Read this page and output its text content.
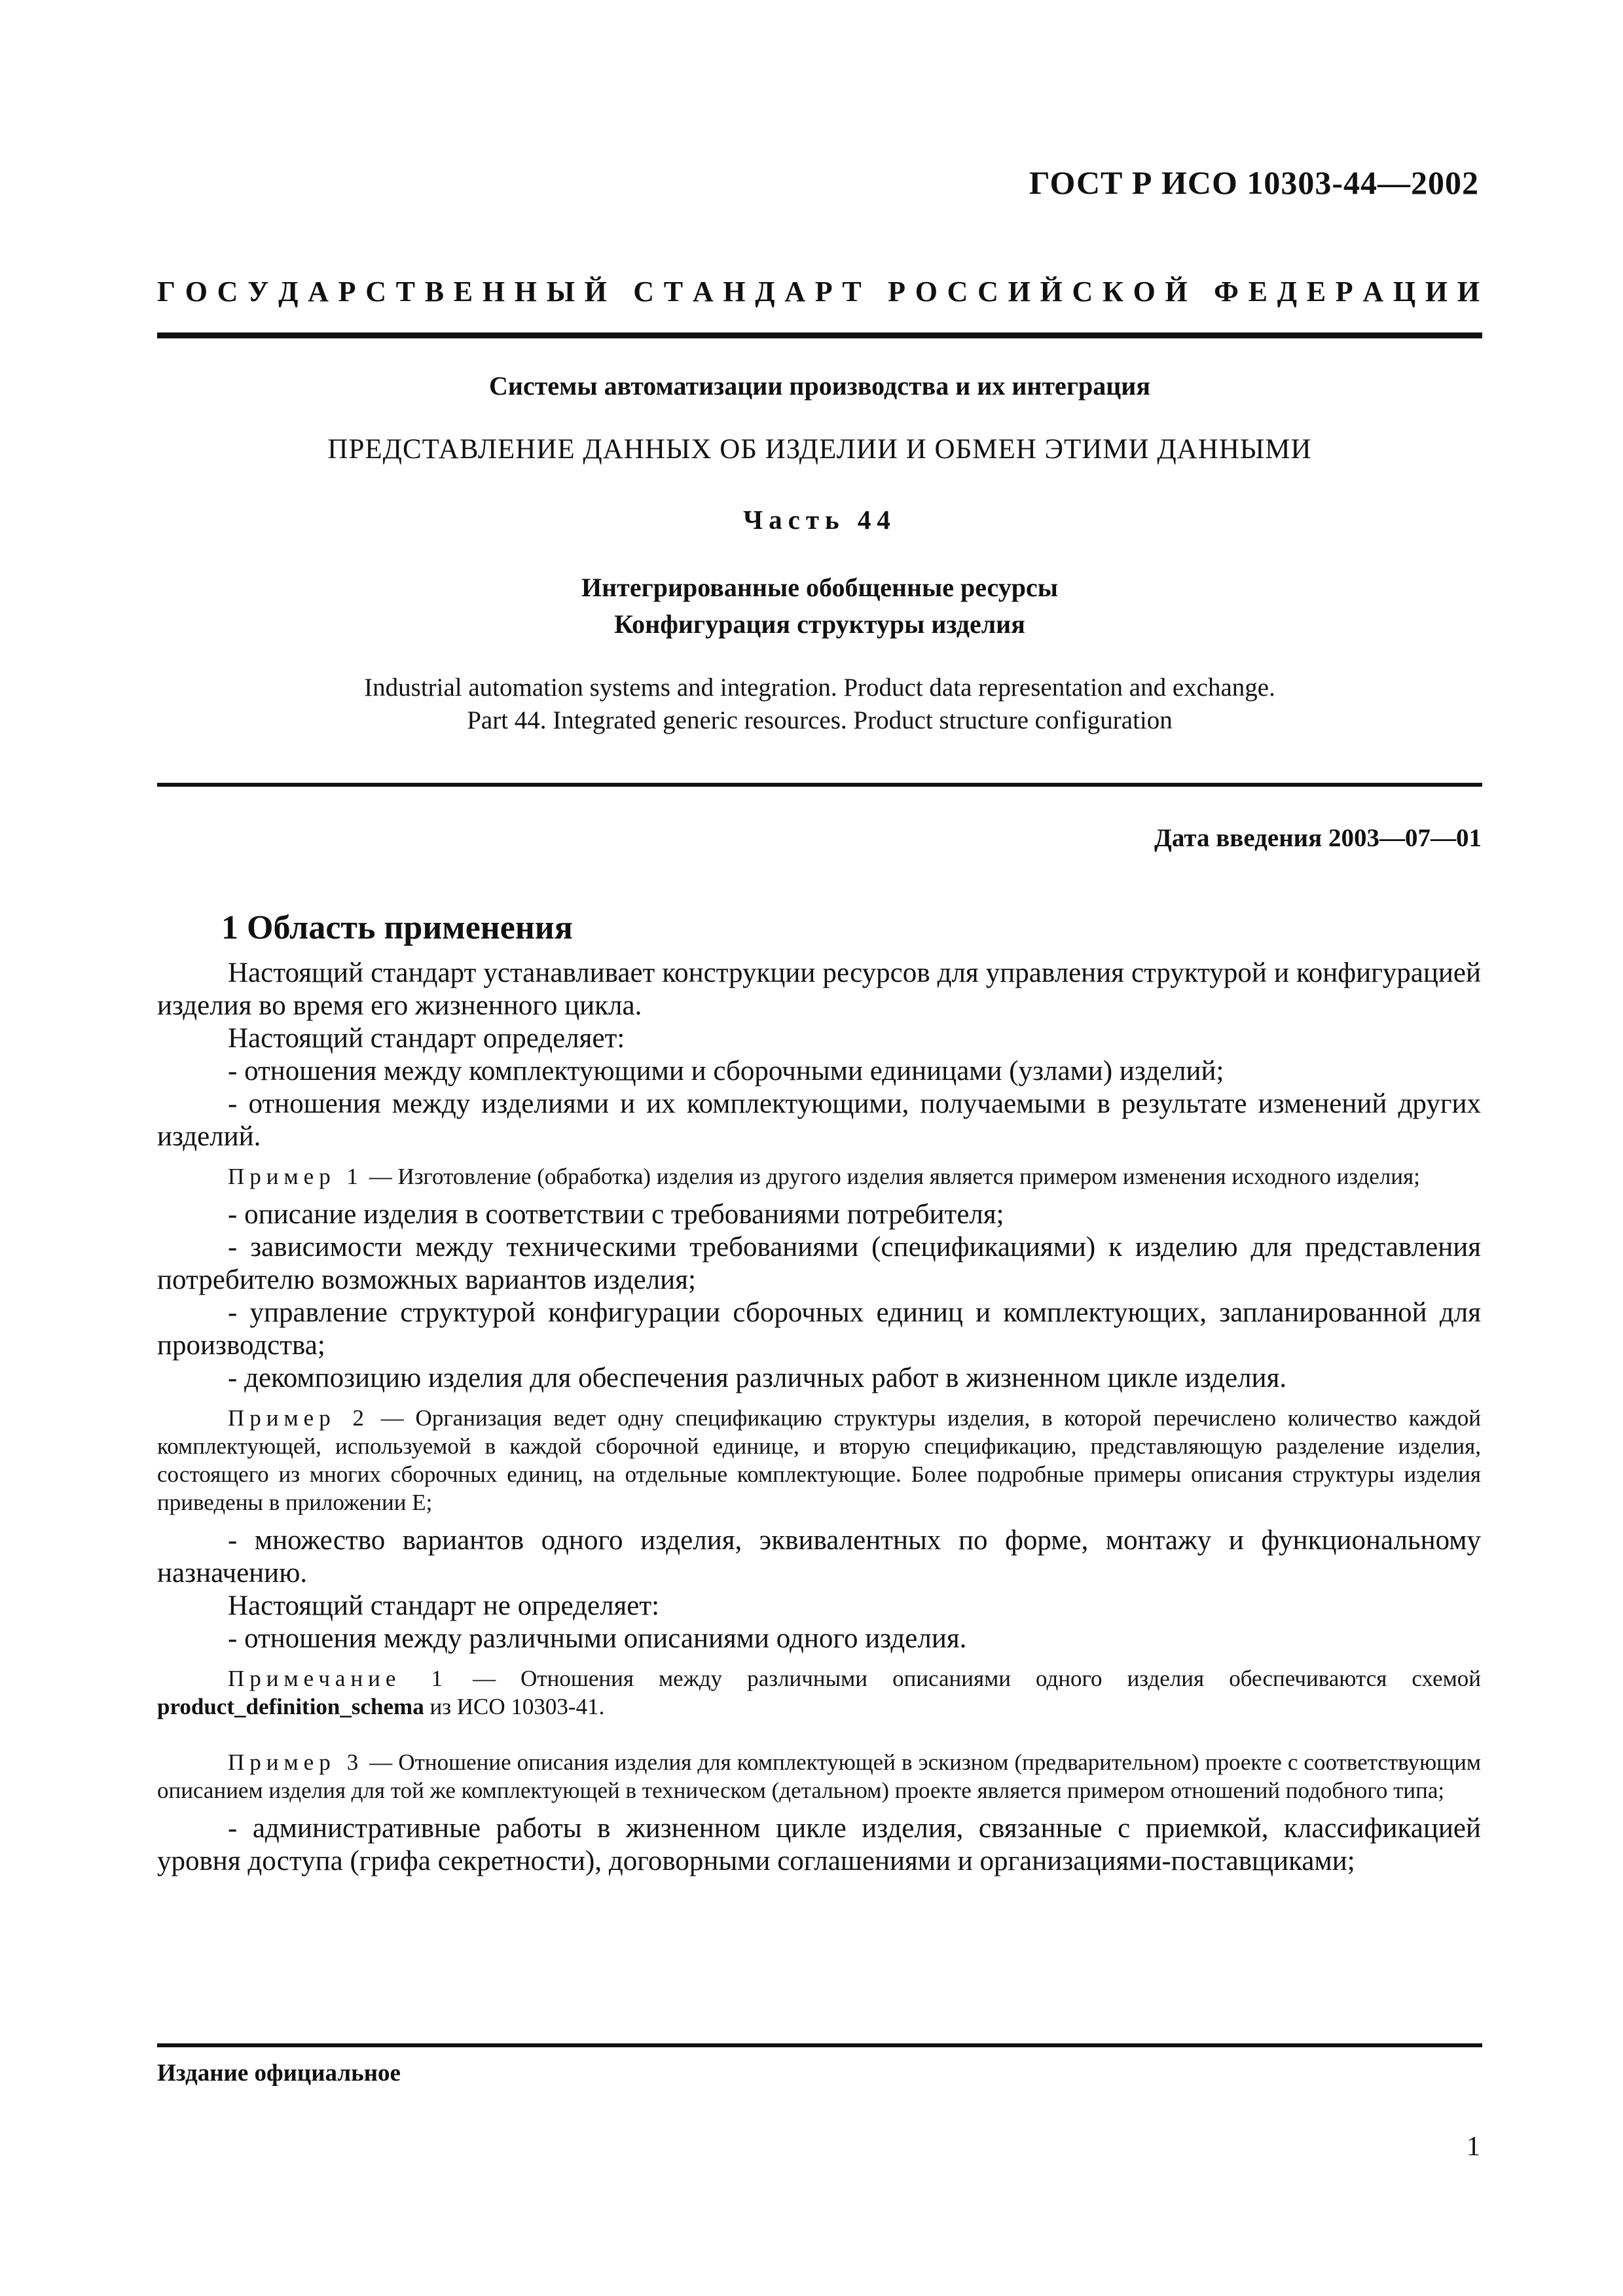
ГОСТ Р ИСО 10303-44—2002
Г О С У Д А Р С Т В Е Н Н Ы Й
С Т А Н Д А Р Т
Р О С С И Й С К О Й
Ф Е Д Е Р А Ц И И
Системы автоматизации производства и их интеграция
ПРЕДСТАВЛЕНИЕ ДАННЫХ ОБ ИЗДЕЛИИ И ОБМЕН ЭТИМИ ДАННЫМИ
Часть 44
Интегрированные обобщенные ресурсы
Конфигурация структуры изделия
Industrial automation systems and integration. Product data representation and exchange.
Part 44. Integrated generic resources. Product structure configuration
Дата введения 2003—07—01
1 Область применения

Настоящий стандарт устанавливает конструкции ресурсов для управления структурой и конфигурацией изделия во время его жизненного цикла.

Настоящий стандарт определяет:

- отношения между комплектующими и сборочными единицами (узлами) изделий;

- отношения между изделиями и их комплектующими, получаемыми в результате изменений других изделий.

Пример 1 — Изготовление (обработка) изделия из другого изделия является примером изменения исходного изделия;

- описание изделия в соответствии с требованиями потребителя;

- зависимости между техническими требованиями (спецификациями) к изделию для представления потребителю возможных вариантов изделия;

- управление структурой конфигурации сборочных единиц и комплектующих, запланированной для производства;

- декомпозицию изделия для обеспечения различных работ в жизненном цикле изделия.

Пример 2 — Организация ведет одну спецификацию структуры изделия, в которой перечислено количество каждой комплектующей, используемой в каждой сборочной единице, и вторую спецификацию, представляющую разделение изделия, состоящего из многих сборочных единиц, на отдельные комплектующие. Более подробные примеры описания структуры изделия приведены в приложении Е;

- множество вариантов одного изделия, эквивалентных по форме, монтажу и функциональному назначению.

Настоящий стандарт не определяет:

- отношения между различными описаниями одного изделия.

Примечание 1 — Отношения между различными описаниями одного изделия обеспечиваются схемой product_definition_schema из ИСО 10303-41.

Пример 3 — Отношение описания изделия для комплектующей в эскизном (предварительном) проекте с соответствующим описанием изделия для той же комплектующей в техническом (детальном) проекте является примером отношений подобного типа;

- административные работы в жизненном цикле изделия, связанные с приемкой, классификацией уровня доступа (грифа секретности), договорными соглашениями и организациями-поставщиками;

Издание официальное
1
